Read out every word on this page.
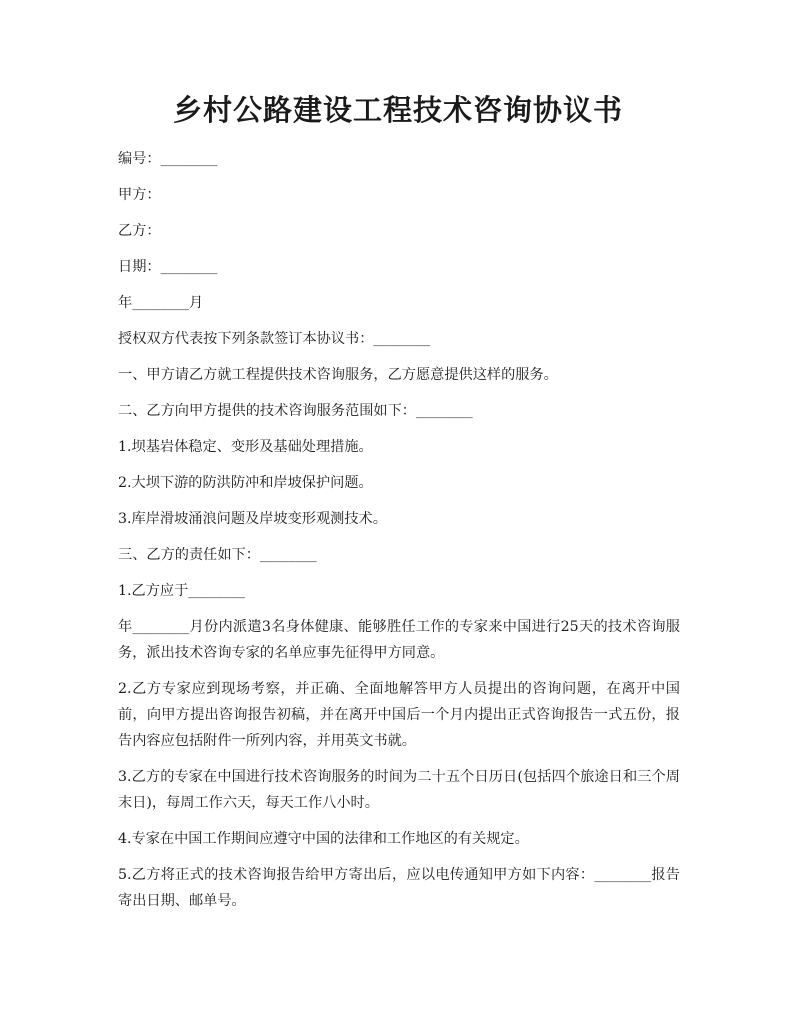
乡村公路建设工程技术咨询协议书

编号：________

甲方：

乙方：

日期：________

年________月

授权双方代表按下列条款签订本协议书：________

一、甲方请乙方就工程提供技术咨询服务，乙方愿意提供这样的服务。

二、乙方向甲方提供的技术咨询服务范围如下：________

1.坝基岩体稳定、变形及基础处理措施。

2.大坝下游的防洪防冲和岸坡保护问题。

3.库岸滑坡涌浪问题及岸坡变形观测技术。

三、乙方的责任如下：________

1.乙方应于________

年________月份内派遣3名身体健康、能够胜任工作的专家来中国进行25天的技术咨询服务，派出技术咨询专家的名单应事先征得甲方同意。

2.乙方专家应到现场考察，并正确、全面地解答甲方人员提出的咨询问题，在离开中国前，向甲方提出咨询报告初稿，并在离开中国后一个月内提出正式咨询报告一式五份，报告内容应包括附件一所列内容，并用英文书就。

3.乙方的专家在中国进行技术咨询服务的时间为二十五个日历日(包括四个旅途日和三个周末日)，每周工作六天，每天工作八小时。

4.专家在中国工作期间应遵守中国的法律和工作地区的有关规定。

5.乙方将正式的技术咨询报告给甲方寄出后，应以电传通知甲方如下内容：________报告寄出日期、邮单号。
